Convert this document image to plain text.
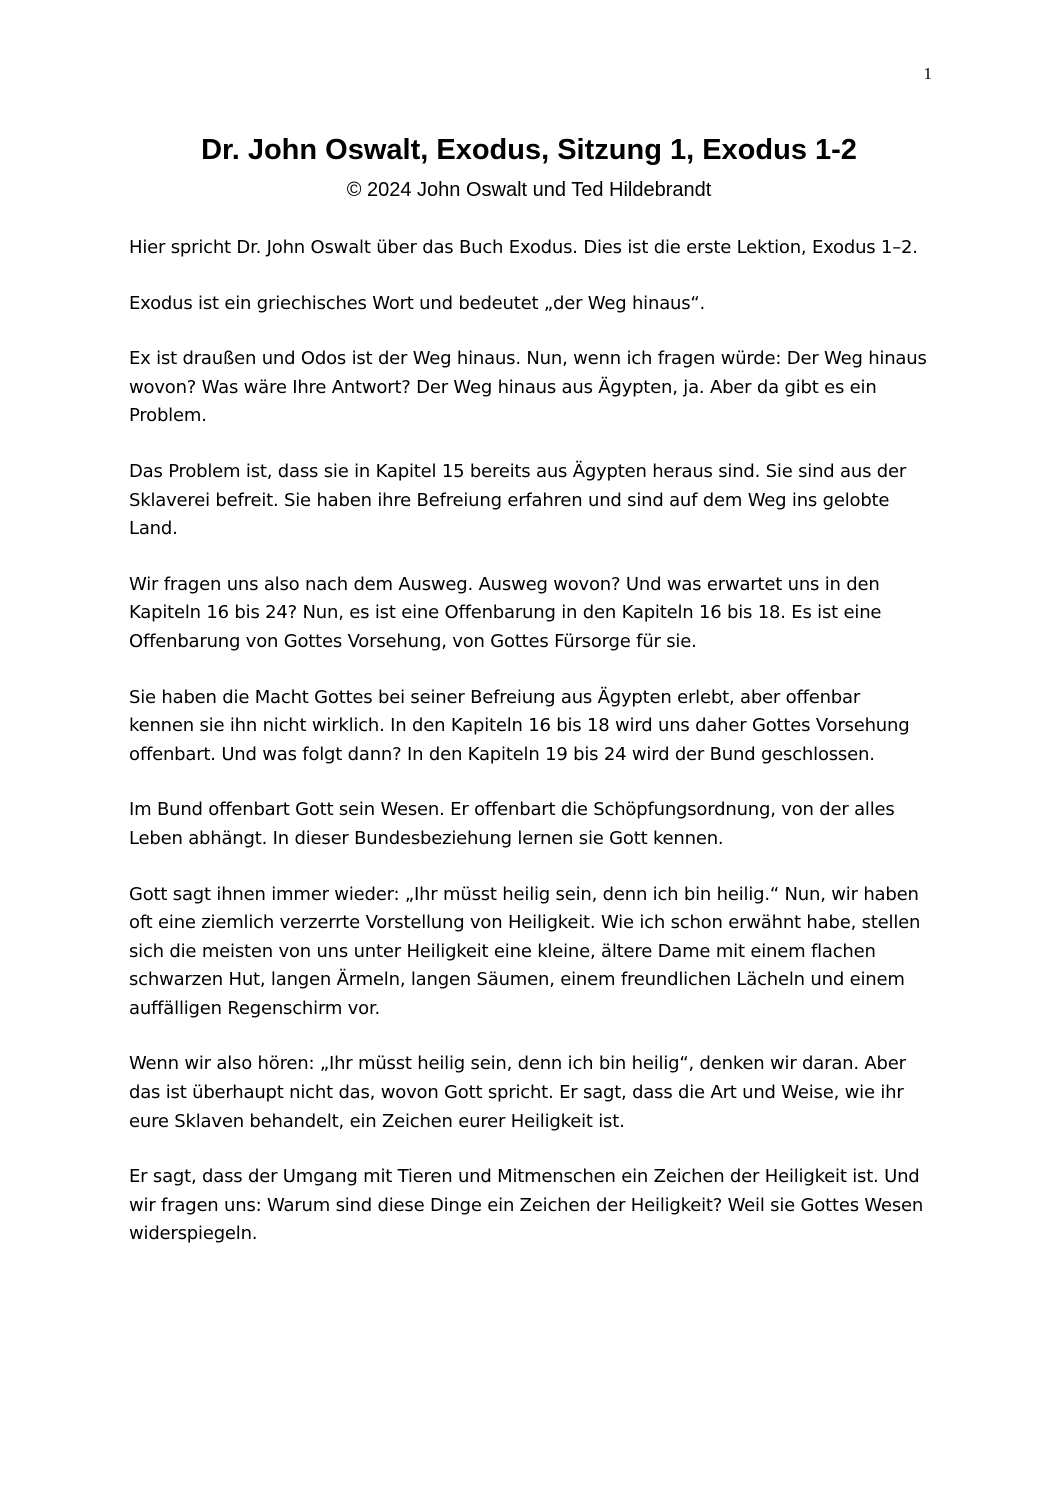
1
Dr. John Oswalt, Exodus, Sitzung 1, Exodus 1-2
© 2024 John Oswalt und Ted Hildebrandt

Hier spricht Dr. John Oswalt über das Buch Exodus. Dies ist die erste Lektion, Exodus 1–2.

Exodus ist ein griechisches Wort und bedeutet „der Weg hinaus“.

Ex ist draußen und Odos ist der Weg hinaus. Nun, wenn ich fragen würde: Der Weg hinaus wovon? Was wäre Ihre Antwort? Der Weg hinaus aus Ägypten, ja. Aber da gibt es ein Problem.

Das Problem ist, dass sie in Kapitel 15 bereits aus Ägypten heraus sind. Sie sind aus der Sklaverei befreit. Sie haben ihre Befreiung erfahren und sind auf dem Weg ins gelobte Land.

Wir fragen uns also nach dem Ausweg. Ausweg wovon? Und was erwartet uns in den Kapiteln 16 bis 24? Nun, es ist eine Offenbarung in den Kapiteln 16 bis 18. Es ist eine Offenbarung von Gottes Vorsehung, von Gottes Fürsorge für sie.

Sie haben die Macht Gottes bei seiner Befreiung aus Ägypten erlebt, aber offenbar kennen sie ihn nicht wirklich. In den Kapiteln 16 bis 18 wird uns daher Gottes Vorsehung offenbart. Und was folgt dann? In den Kapiteln 19 bis 24 wird der Bund geschlossen.

Im Bund offenbart Gott sein Wesen. Er offenbart die Schöpfungsordnung, von der alles Leben abhängt. In dieser Bundesbeziehung lernen sie Gott kennen.

Gott sagt ihnen immer wieder: „Ihr müsst heilig sein, denn ich bin heilig.“ Nun, wir haben oft eine ziemlich verzerrte Vorstellung von Heiligkeit. Wie ich schon erwähnt habe, stellen sich die meisten von uns unter Heiligkeit eine kleine, ältere Dame mit einem flachen schwarzen Hut, langen Ärmeln, langen Säumen, einem freundlichen Lächeln und einem auffälligen Regenschirm vor.

Wenn wir also hören: „Ihr müsst heilig sein, denn ich bin heilig“, denken wir daran. Aber das ist überhaupt nicht das, wovon Gott spricht. Er sagt, dass die Art und Weise, wie ihr eure Sklaven behandelt, ein Zeichen eurer Heiligkeit ist.

Er sagt, dass der Umgang mit Tieren und Mitmenschen ein Zeichen der Heiligkeit ist. Und wir fragen uns: Warum sind diese Dinge ein Zeichen der Heiligkeit? Weil sie Gottes Wesen widerspiegeln.
